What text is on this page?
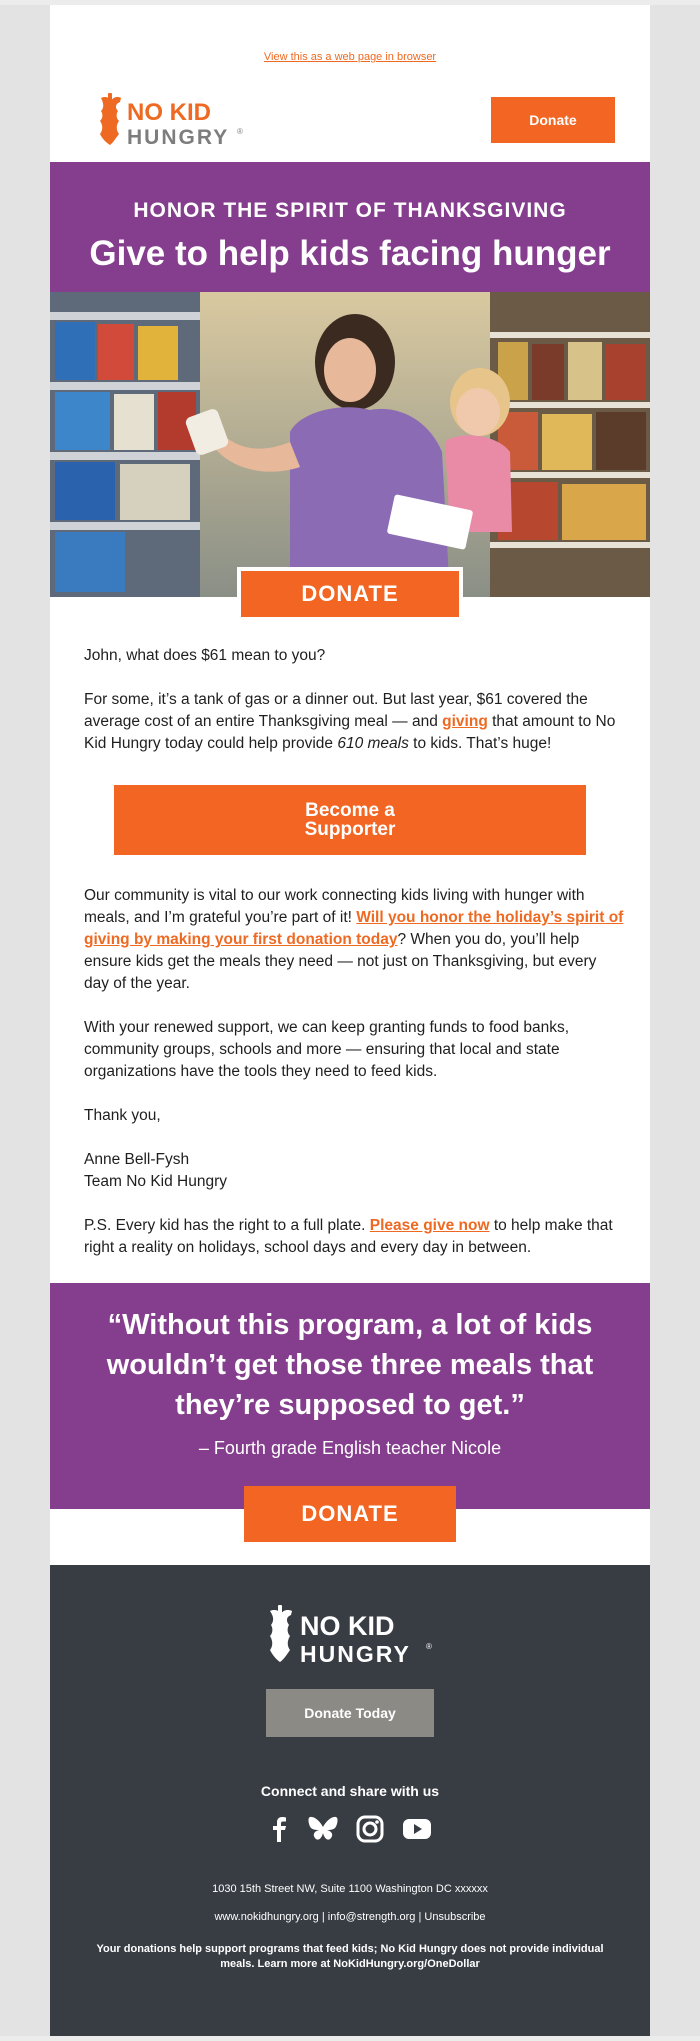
View this as a web page in browser
NO KID
HUNGRY ®
Donate
HONOR THE SPIRIT OF THANKSGIVING
Give to help kids facing hunger
DONATE
John, what does $61 mean to you?
For some, it’s a tank of gas or a dinner out. But last year, $61 covered the average cost of an entire Thanksgiving meal — and giving that amount to No Kid Hungry today could help provide 610 meals to kids. That’s huge!
Become a
Supporter
Our community is vital to our work connecting kids living with hunger with meals, and I’m grateful you’re part of it! Will you honor the holiday’s spirit of giving by making your first donation today? When you do, you’ll help ensure kids get the meals they need — not just on Thanksgiving, but every day of the year.
With your renewed support, we can keep granting funds to food banks, community groups, schools and more — ensuring that local and state organizations have the tools they need to feed kids.
Thank you,
Anne Bell-Fysh
Team No Kid Hungry
P.S. Every kid has the right to a full plate. Please give now to help make that right a reality on holidays, school days and every day in between.
“Without this program, a lot of kids wouldn’t get those three meals that they’re supposed to get.”
– Fourth grade English teacher Nicole
DONATE
NO KID
HUNGRY ®
Donate Today
Connect and share with us
1030 15th Street NW, Suite 1100 Washington DC xxxxxx
www.nokidhungry.org | info@strength.org | Unsubscribe
Your donations help support programs that feed kids; No Kid Hungry does not provide individual meals. Learn more at NoKidHungry.org/OneDollar
